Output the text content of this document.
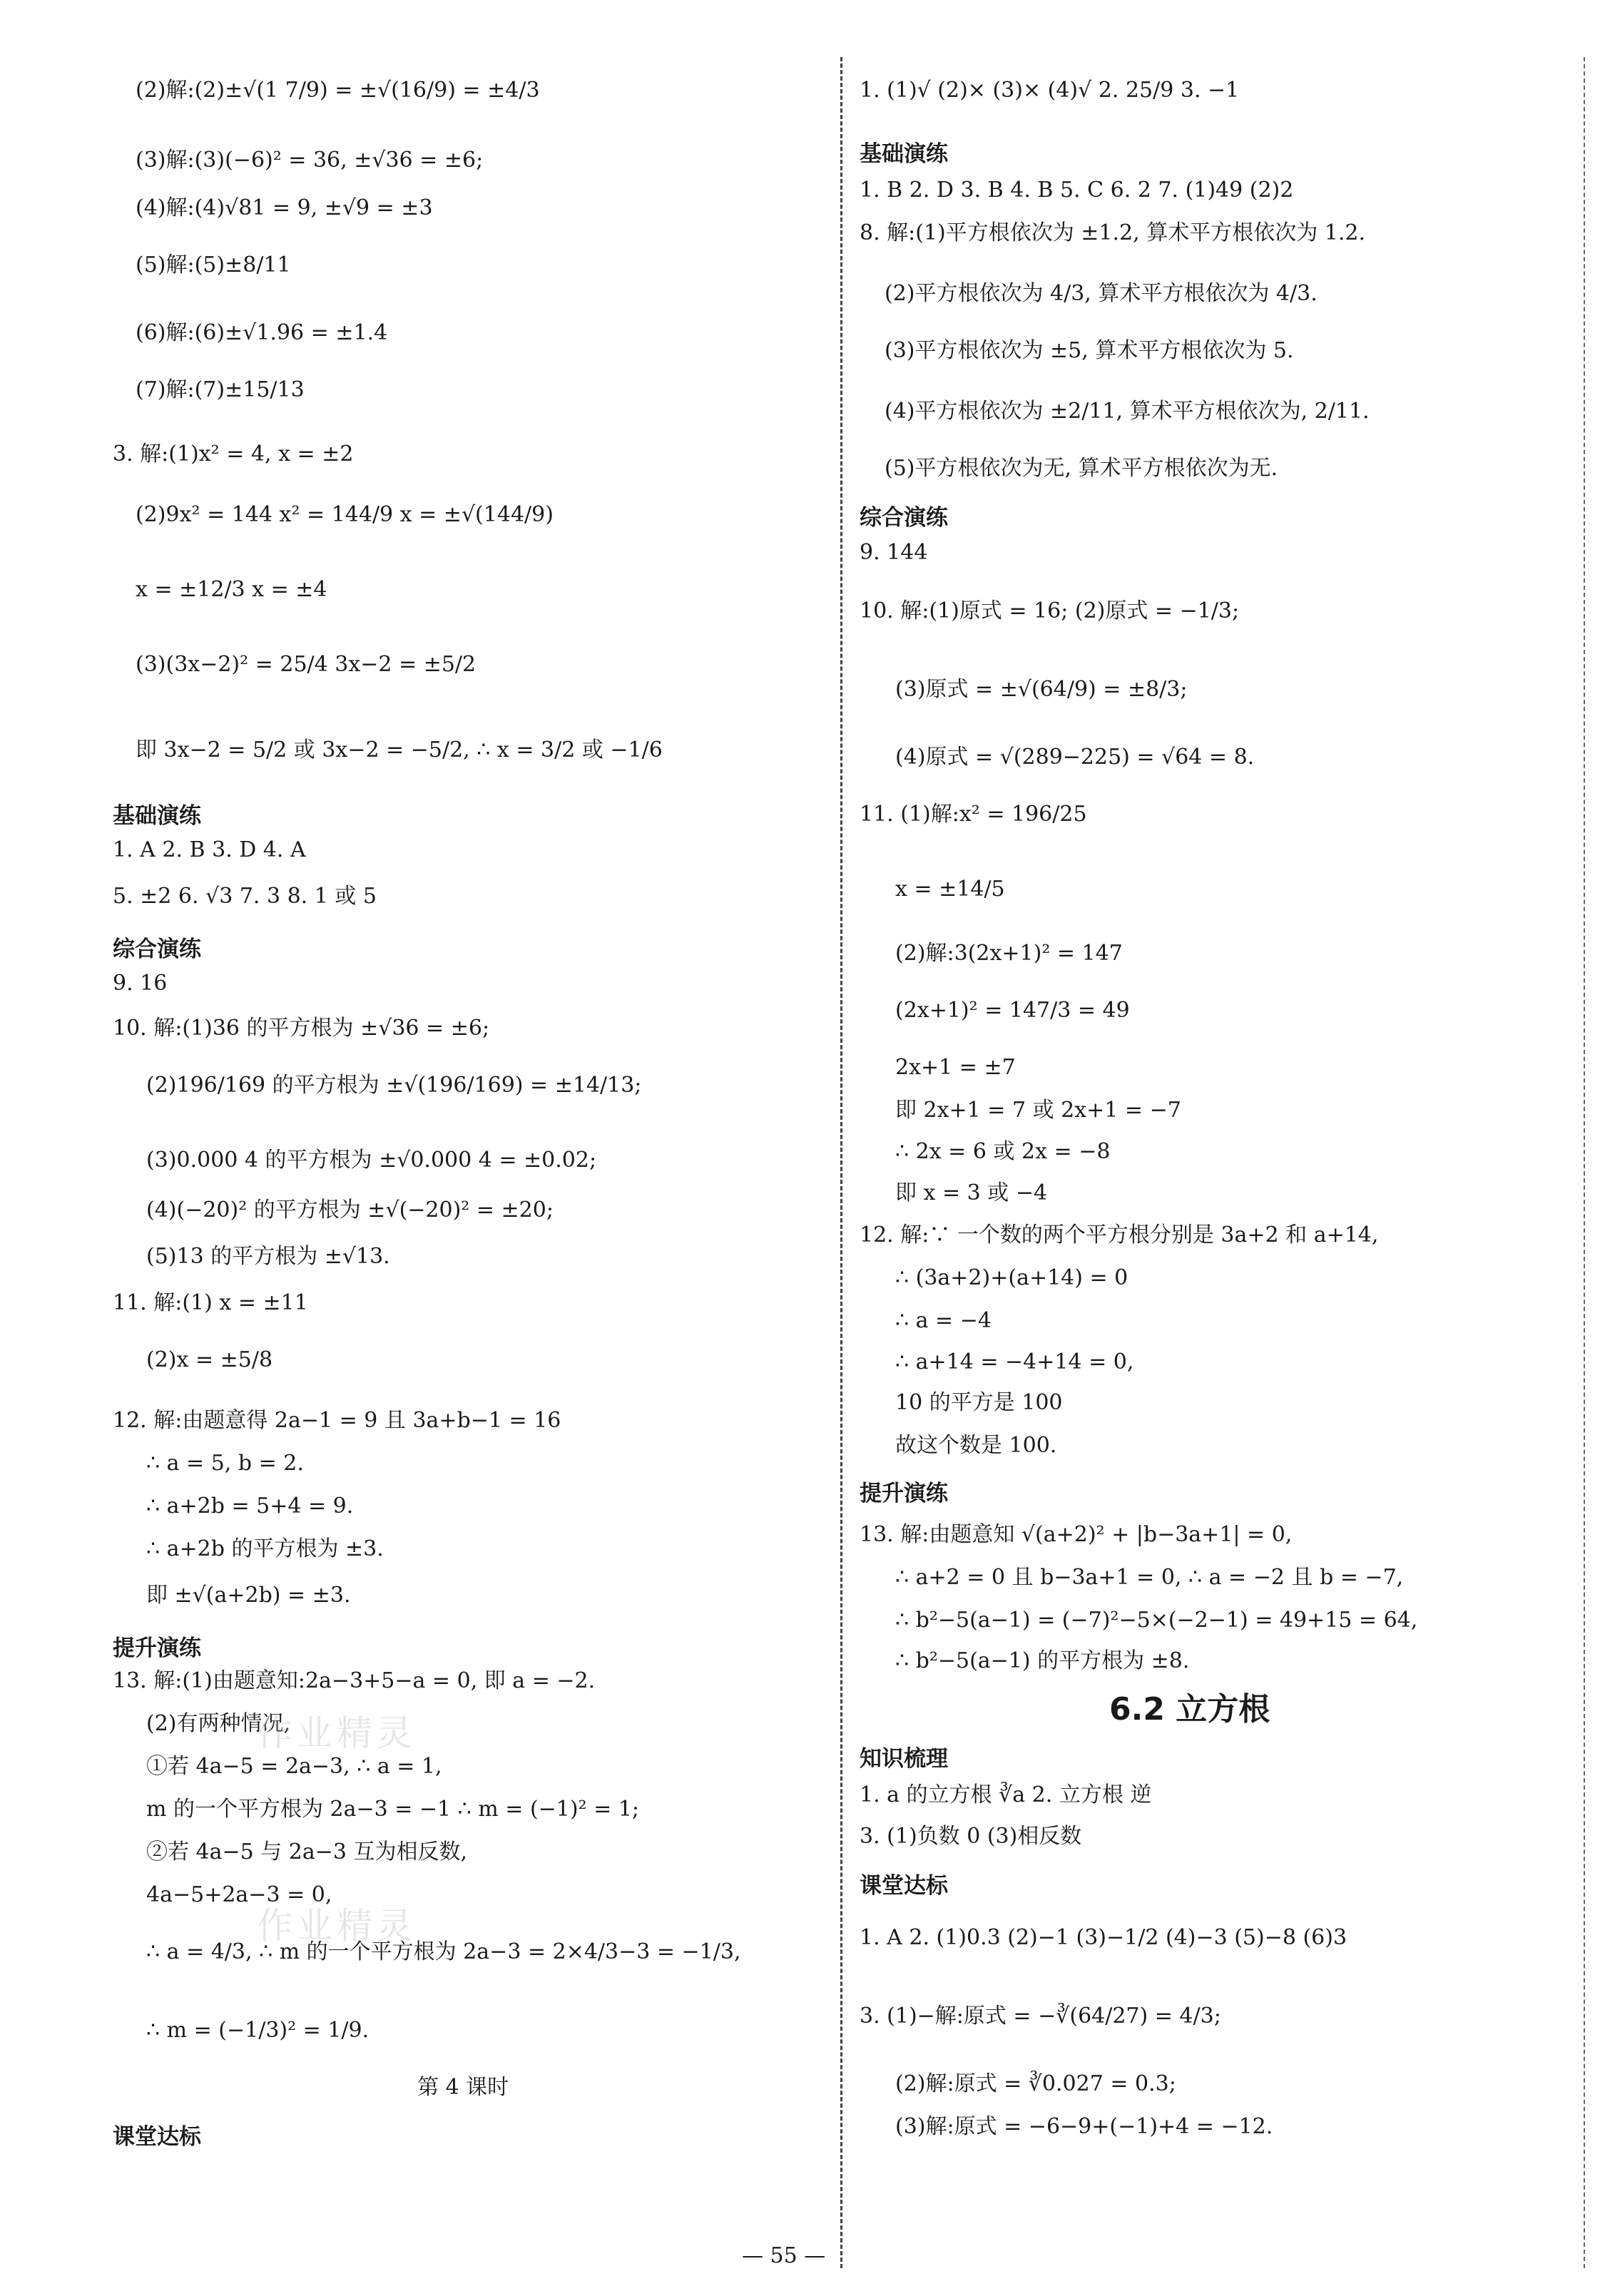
(2)解:(2)±√(1 7/9) = ±√(16/9) = ±4/3
(3)解:(3)(−6)² = 36, ±√36 = ±6;
(4)解:(4)√81 = 9, ±√9 = ±3
(5)解:(5)±8/11
(6)解:(6)±√1.96 = ±1.4
(7)解:(7)±15/13
3. 解:(1)x² = 4, x = ±2
(2)9x² = 144 x² = 144/9 x = ±√(144/9)
x = ±12/3 x = ±4
(3)(3x−2)² = 25/4 3x−2 = ±5/2
即 3x−2 = 5/2 或 3x−2 = −5/2, ∴ x = 3/2 或 −1/6
基础演练
1. A 2. B 3. D 4. A
5. ±2 6. √3 7. 3 8. 1 或 5
综合演练
9. 16
10. 解:(1)36 的平方根为 ±√36 = ±6;
(2)196/169 的平方根为 ±√(196/169) = ±14/13;
(3)0.000 4 的平方根为 ±√0.000 4 = ±0.02;
(4)(−20)² 的平方根为 ±√(−20)² = ±20;
(5)13 的平方根为 ±√13.
11. 解:(1) x = ±11
(2)x = ±5/8
12. 解:由题意得 2a−1 = 9 且 3a+b−1 = 16
∴ a = 5, b = 2.
∴ a+2b = 5+4 = 9.
∴ a+2b 的平方根为 ±3.
即 ±√(a+2b) = ±3.
提升演练
13. 解:(1)由题意知:2a−3+5−a = 0, 即 a = −2.
(2)有两种情况,
①若 4a−5 = 2a−3, ∴ a = 1,
m 的一个平方根为 2a−3 = −1 ∴ m = (−1)² = 1;
②若 4a−5 与 2a−3 互为相反数,
4a−5+2a−3 = 0,
∴ a = 4/3, ∴ m 的一个平方根为 2a−3 = 2×4/3−3 = −1/3,
∴ m = (−1/3)² = 1/9.
第 4 课时
课堂达标
1. (1)√ (2)× (3)× (4)√ 2. 25/9 3. −1
基础演练
1. B 2. D 3. B 4. B 5. C 6. 2 7. (1)49 (2)2
8. 解:(1)平方根依次为 ±1.2, 算术平方根依次为 1.2.
(2)平方根依次为 4/3, 算术平方根依次为 4/3.
(3)平方根依次为 ±5, 算术平方根依次为 5.
(4)平方根依次为 ±2/11, 算术平方根依次为, 2/11.
(5)平方根依次为无, 算术平方根依次为无.
综合演练
9. 144
10. 解:(1)原式 = 16; (2)原式 = −1/3;
(3)原式 = ±√(64/9) = ±8/3;
(4)原式 = √(289−225) = √64 = 8.
11. (1)解:x² = 196/25
x = ±14/5
(2)解:3(2x+1)² = 147
(2x+1)² = 147/3 = 49
2x+1 = ±7
即 2x+1 = 7 或 2x+1 = −7
∴ 2x = 6 或 2x = −8
即 x = 3 或 −4
12. 解:∵ 一个数的两个平方根分别是 3a+2 和 a+14,
∴ (3a+2)+(a+14) = 0
∴ a = −4
∴ a+14 = −4+14 = 0,
10 的平方是 100
故这个数是 100.
提升演练
13. 解:由题意知 √(a+2)² + |b−3a+1| = 0,
∴ a+2 = 0 且 b−3a+1 = 0, ∴ a = −2 且 b = −7,
∴ b²−5(a−1) = (−7)²−5×(−2−1) = 49+15 = 64,
∴ b²−5(a−1) 的平方根为 ±8.
6.2 立方根
知识梳理
1. a 的立方根 ∛a 2. 立方根 逆
3. (1)负数 0 (3)相反数
课堂达标
1. A 2. (1)0.3 (2)−1 (3)−1/2 (4)−3 (5)−8 (6)3
3. (1)−解:原式 = −∛(64/27) = 4/3;
(2)解:原式 = ∛0.027 = 0.3;
(3)解:原式 = −6−9+(−1)+4 = −12.
作业精灵
作业精灵
— 55 —
